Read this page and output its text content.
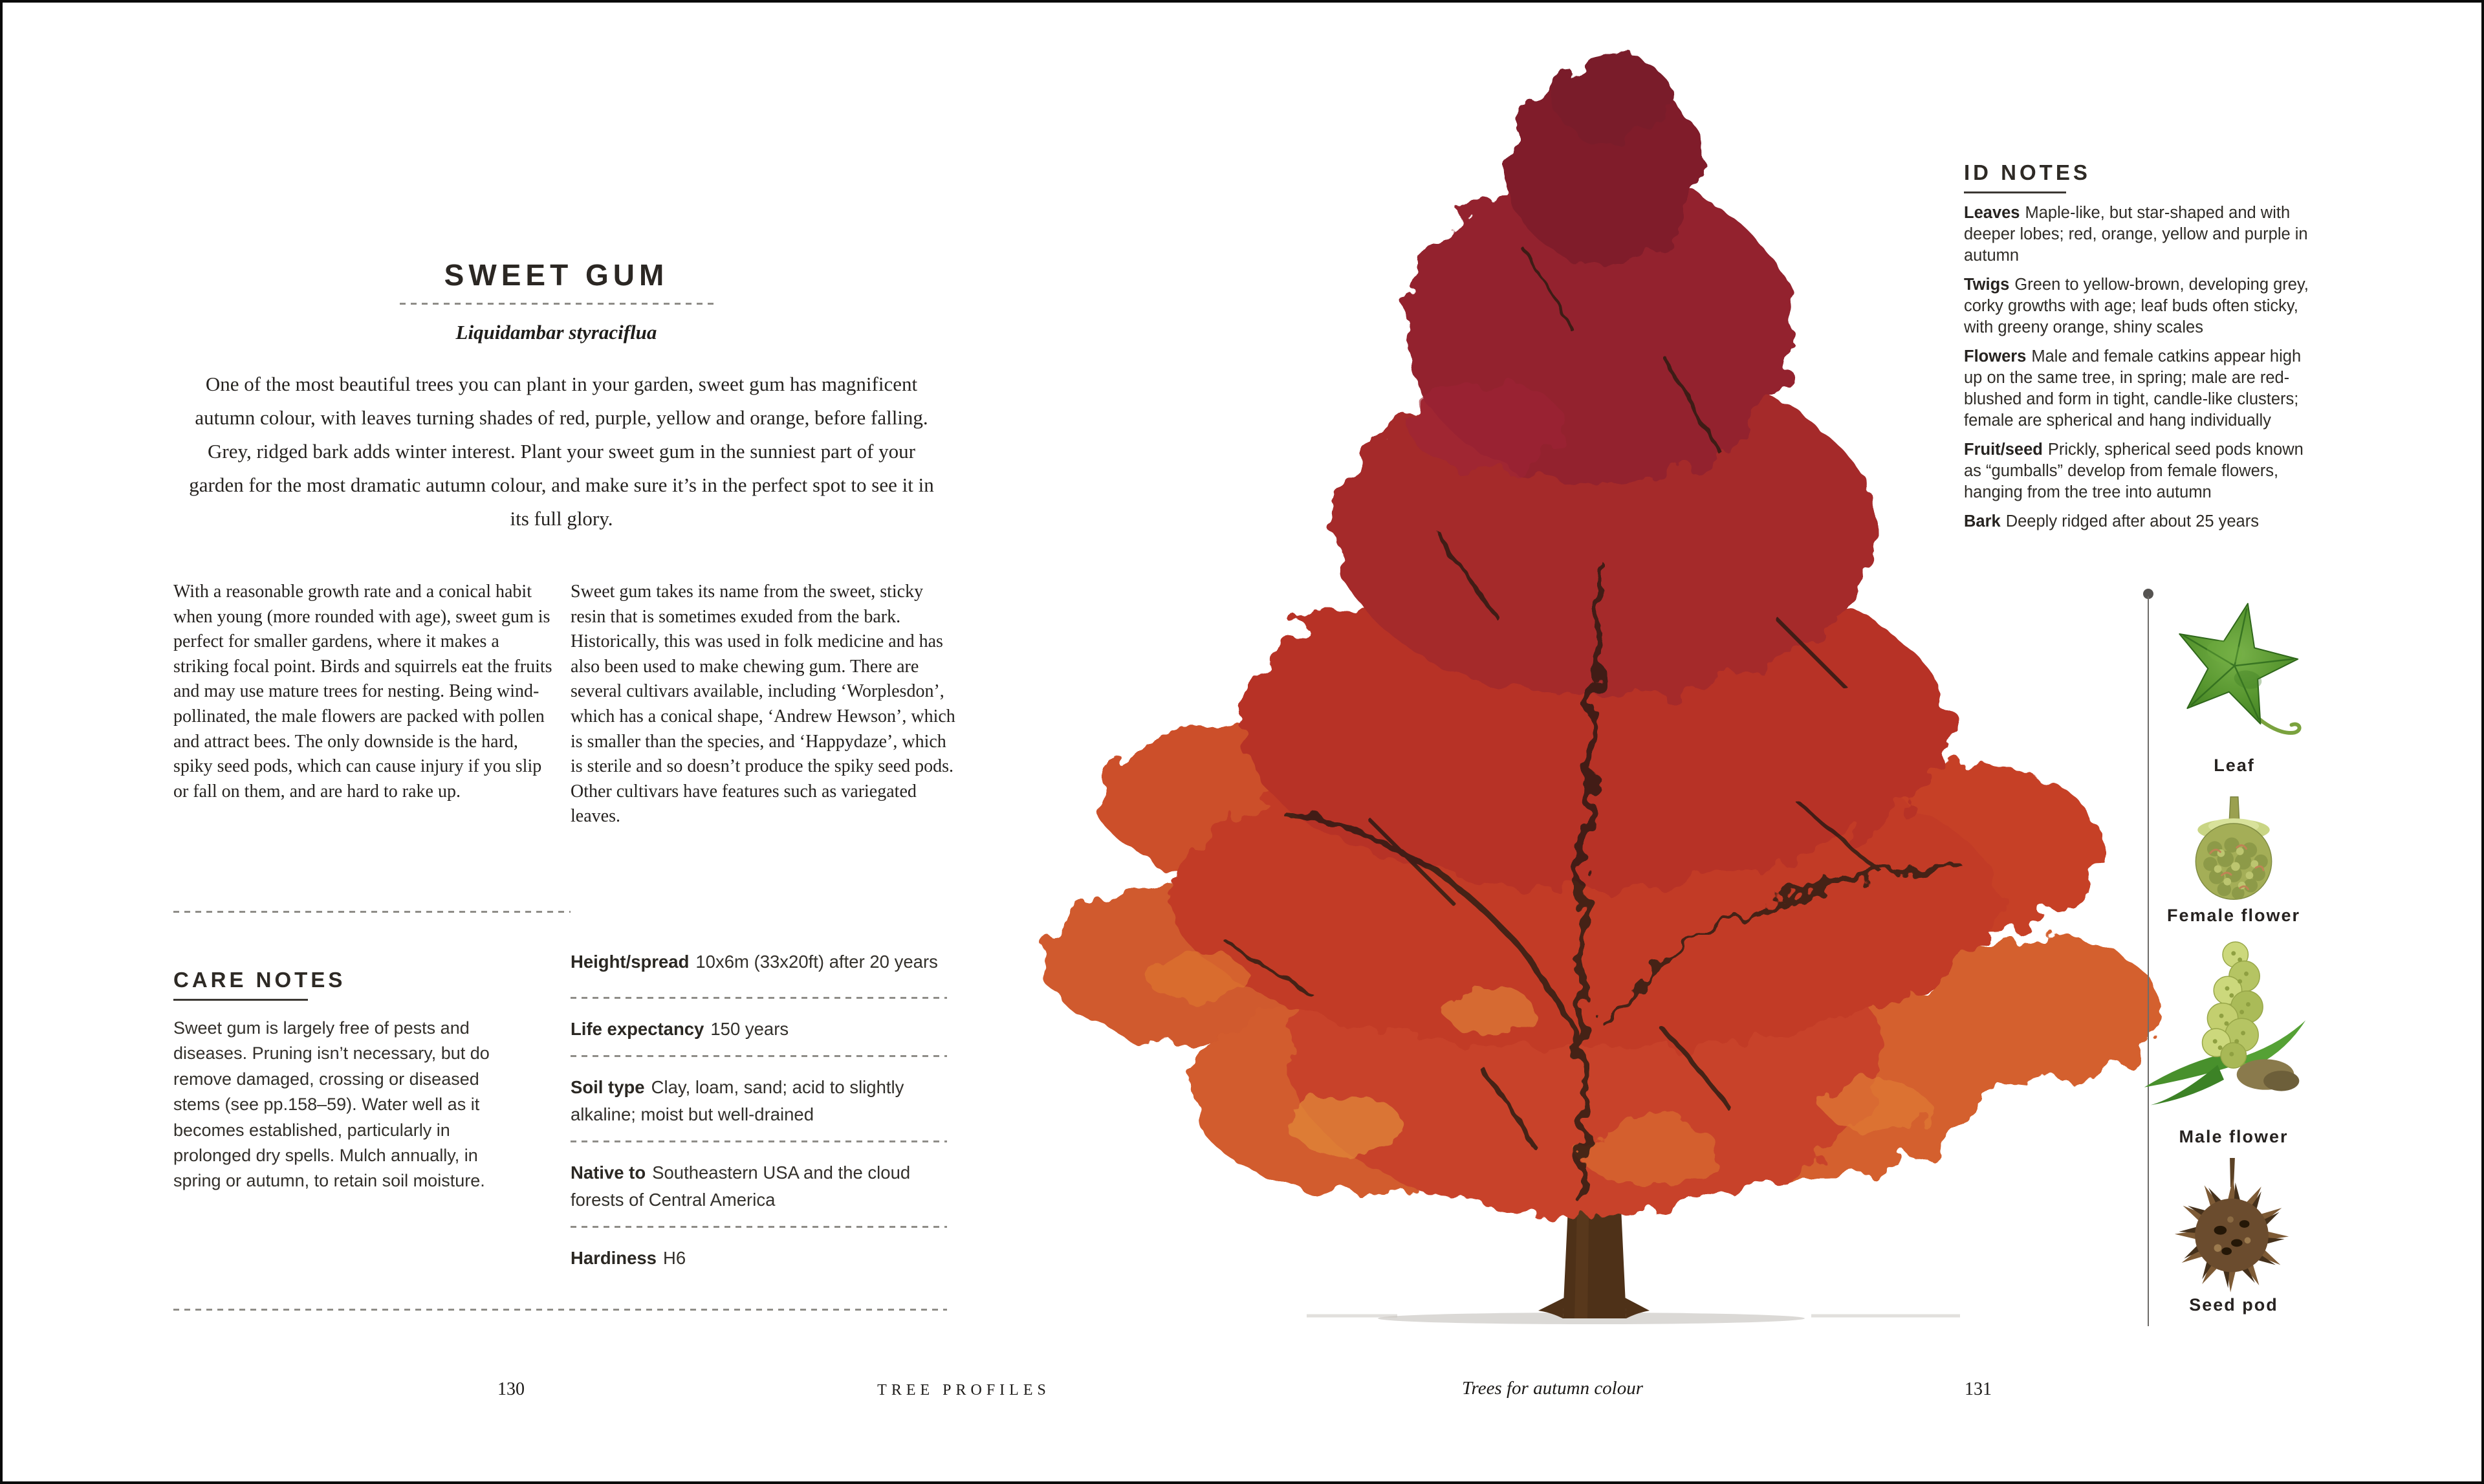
SWEET GUM
Liquidambar styraciflua
One of the most beautiful trees you can plant in your garden, sweet gum has magnificent autumn colour, with leaves turning shades of red, purple, yellow and orange, before falling. Grey, ridged bark adds winter interest. Plant your sweet gum in the sunniest part of your garden for the most dramatic autumn colour, and make sure it’s in the perfect spot to see it in its full glory.
With a reasonable growth rate and a conical habit when young (more rounded with age), sweet gum is perfect for smaller gardens, where it makes a striking focal point. Birds and squirrels eat the fruits and may use mature trees for nesting. Being wind-pollinated, the male flowers are packed with pollen and attract bees. The only downside is the hard, spiky seed pods, which can cause injury if you slip or fall on them, and are hard to rake up.
Sweet gum takes its name from the sweet, sticky resin that is sometimes exuded from the bark. Historically, this was used in folk medicine and has also been used to make chewing gum. There are several cultivars available, including ‘Worplesdon’, which has a conical shape, ‘Andrew Hewson’, which is smaller than the species, and ‘Happydaze’, which is sterile and so doesn’t produce the spiky seed pods. Other cultivars have features such as variegated leaves.
CARE NOTES
Sweet gum is largely free of pests and diseases. Pruning isn’t necessary, but do remove damaged, crossing or diseased stems (see pp.158–59). Water well as it becomes established, particularly in prolonged dry spells. Mulch annually, in spring or autumn, to retain soil moisture.
Height/spread 10x6m (33x20ft) after 20 years
Life expectancy 150 years
Soil type Clay, loam, sand; acid to slightly alkaline; moist but well-drained
Native to Southeastern USA and the cloud forests of Central America
Hardiness H6
130	TREE PROFILES	Trees for autumn colour	131
ID NOTES
Leaves Maple-like, but star-shaped and with deeper lobes; red, orange, yellow and purple in autumn
Twigs Green to yellow-brown, developing grey, corky growths with age; leaf buds often sticky, with greeny orange, shiny scales
Flowers Male and female catkins appear high up on the same tree, in spring; male are red-blushed and form in tight, candle-like clusters; female are spherical and hang individually
Fruit/seed Prickly, spherical seed pods known as “gumballs” develop from female flowers, hanging from the tree into autumn
Bark Deeply ridged after about 25 years
Leaf
Female flower
Male flower
Seed pod
